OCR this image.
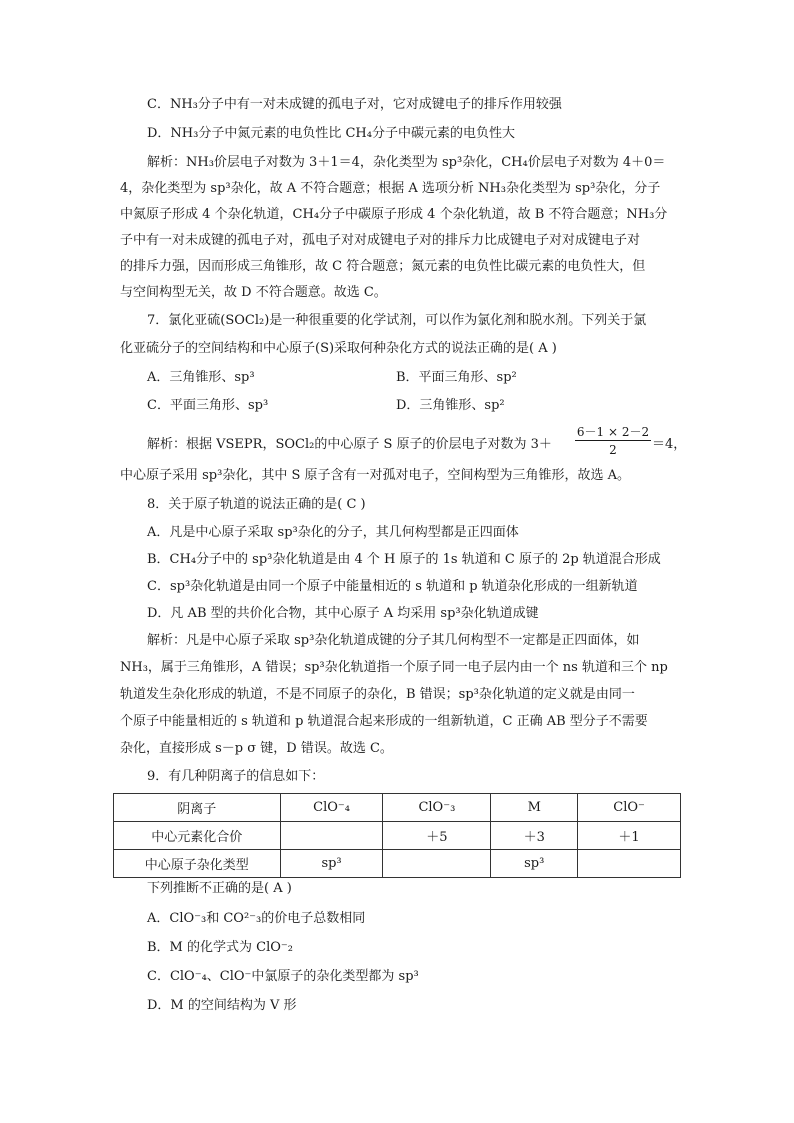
C．NH₃分子中有一对未成键的孤电子对，它对成键电子的排斥作用较强
D．NH₃分子中氮元素的电负性比 CH₄分子中碳元素的电负性大
解析：NH₃价层电子对数为 3＋1＝4，杂化类型为 sp³杂化，CH₄价层电子对数为 4＋0＝
4，杂化类型为 sp³杂化，故 A 不符合题意；根据 A 选项分析 NH₃杂化类型为 sp³杂化，分子
中氮原子形成 4 个杂化轨道，CH₄分子中碳原子形成 4 个杂化轨道，故 B 不符合题意；NH₃分
子中有一对未成键的孤电子对，孤电子对对成键电子对的排斥力比成键电子对对成键电子对
的排斥力强，因而形成三角锥形，故 C 符合题意；氮元素的电负性比碳元素的电负性大，但
与空间构型无关，故 D 不符合题意。故选 C。
7．氯化亚硫(SOCl₂)是一种很重要的化学试剂，可以作为氯化剂和脱水剂。下列关于氯
化亚硫分子的空间结构和中心原子(S)采取何种杂化方式的说法正确的是( A )
A．三角锥形、sp³	B．平面三角形、sp²
C．平面三角形、sp³	D．三角锥形、sp²
解析：根据 VSEPR，SOCl₂的中心原子 S 原子的价层电子对数为 3＋
6－1 × 2－2
2	＝4，
中心原子采用 sp³杂化，其中 S 原子含有一对孤对电子，空间构型为三角锥形，故选 A。
8．关于原子轨道的说法正确的是( C )
A．凡是中心原子采取 sp³杂化的分子，其几何构型都是正四面体
B．CH₄分子中的 sp³杂化轨道是由 4 个 H 原子的 1s 轨道和 C 原子的 2p 轨道混合形成
C．sp³杂化轨道是由同一个原子中能量相近的 s 轨道和 p 轨道杂化形成的一组新轨道
D．凡 AB 型的共价化合物，其中心原子 A 均采用 sp³杂化轨道成键
解析：凡是中心原子采取 sp³杂化轨道成键的分子其几何构型不一定都是正四面体，如
NH₃，属于三角锥形，A 错误；sp³杂化轨道指一个原子同一电子层内由一个 ns 轨道和三个 np
轨道发生杂化形成的轨道，不是不同原子的杂化，B 错误；sp³杂化轨道的定义就是由同一
个原子中能量相近的 s 轨道和 p 轨道混合起来形成的一组新轨道，C 正确 AB 型分子不需要
杂化，直接形成 s－p σ 键，D 错误。故选 C。
9．有几种阴离子的信息如下：
阴离子	ClO⁻₄	ClO⁻₃	M	ClO⁻
中心元素化合价		＋5	＋3	＋1
中心原子杂化类型	sp³		sp³	
下列推断不正确的是( A )
A．ClO⁻₃和 CO²⁻₃的价电子总数相同
B．M 的化学式为 ClO⁻₂
C．ClO⁻₄、ClO⁻中氯原子的杂化类型都为 sp³
D．M 的空间结构为 V 形
